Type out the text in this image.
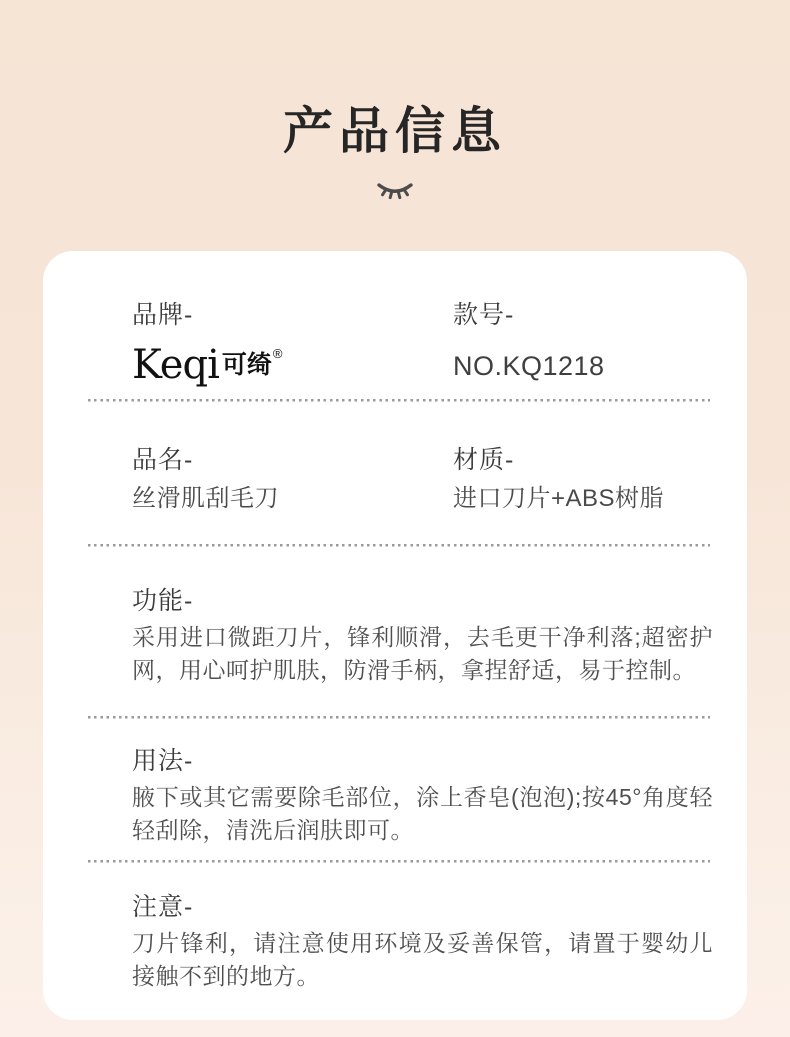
产品信息
品牌-
Keqi 可绮 ®
款号-
NO.KQ1218
品名-
丝滑肌刮毛刀
材质-
进口刀片+ABS树脂
功能-

采用进口微距刀片，锋利顺滑，去毛更干净利落;超密护网，用心呵护肌肤，防滑手柄，拿捏舒适，易于控制。

用法-

腋下或其它需要除毛部位，涂上香皂(泡泡);按45°角度轻轻刮除，清洗后润肤即可。

注意-

刀片锋利，请注意使用环境及妥善保管，请置于婴幼儿接触不到的地方。
